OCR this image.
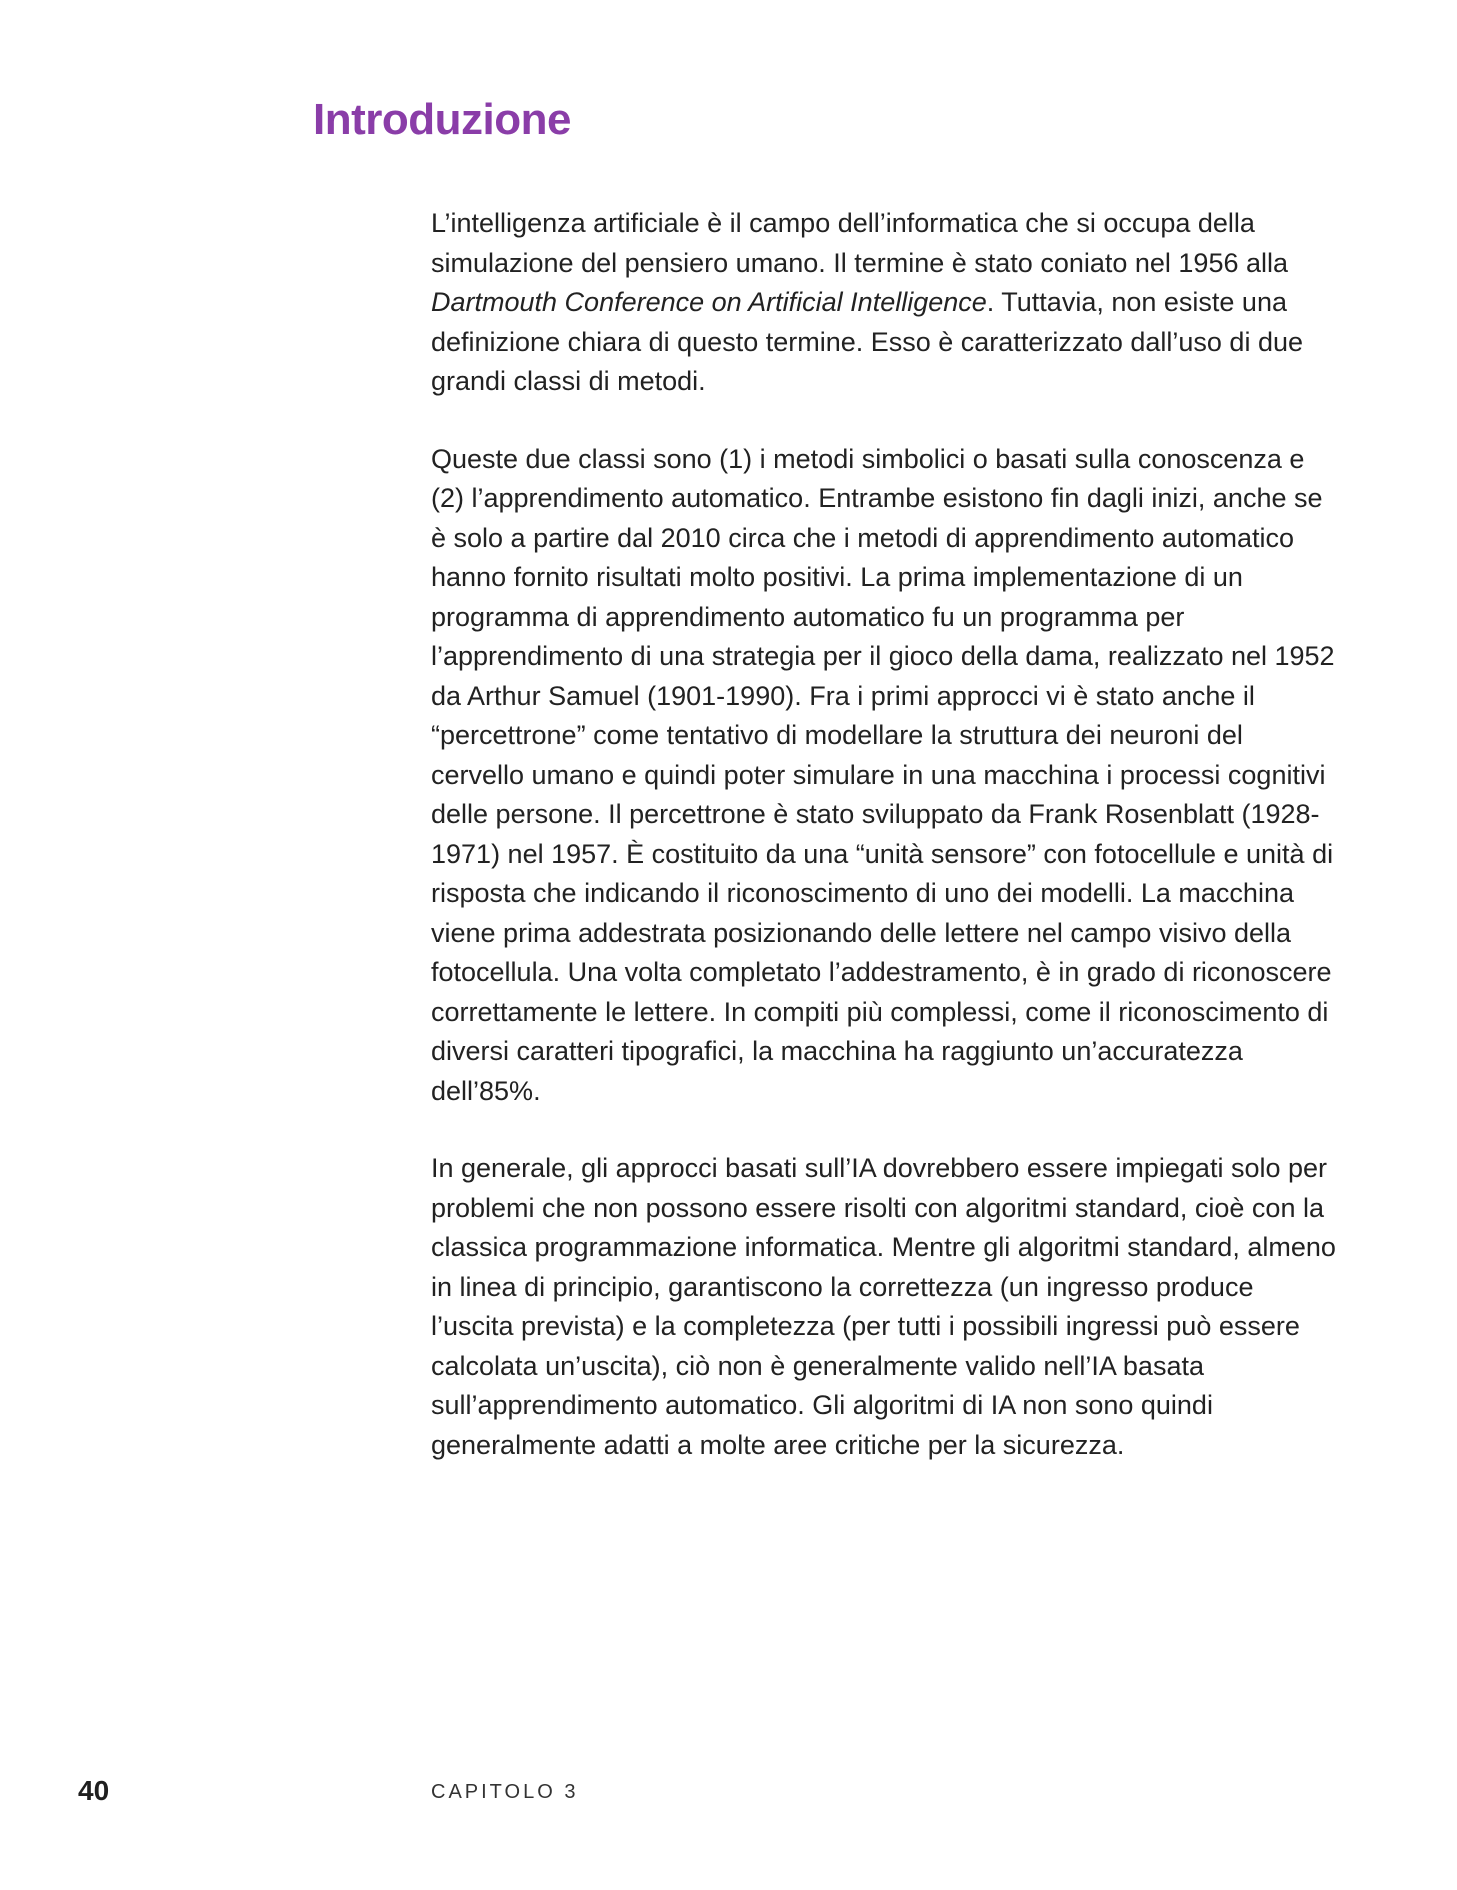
Introduzione

L’intelligenza artificiale è il campo dell’informatica che si occupa della simulazione del pensiero umano. Il termine è stato coniato nel 1956 alla Dartmouth Conference on Artificial Intelligence. Tuttavia, non esiste una definizione chiara di questo termine. Esso è caratterizzato dall’uso di due grandi classi di metodi.

Queste due classi sono (1) i metodi simbolici o basati sulla conoscenza e (2) l’apprendimento automatico. Entrambe esistono fin dagli inizi, anche se è solo a partire dal 2010 circa che i metodi di apprendimento automatico hanno fornito risultati molto positivi. La prima implementazione di un programma di apprendimento automatico fu un programma per l’apprendimento di una strategia per il gioco della dama, realizzato nel 1952 da Arthur Samuel (1901-1990). Fra i primi approcci vi è stato anche il “percettrone” come tentativo di modellare la struttura dei neuroni del cervello umano e quindi poter simulare in una macchina i processi cognitivi delle persone. Il percettrone è stato sviluppato da Frank Rosenblatt (1928-1971) nel 1957. È costituito da una “unità sensore” con fotocellule e unità di risposta che indicando il riconoscimento di uno dei modelli. La macchina viene prima addestrata posizionando delle lettere nel campo visivo della fotocellula. Una volta completato l’addestramento, è in grado di riconoscere correttamente le lettere. In compiti più complessi, come il riconoscimento di diversi caratteri tipografici, la macchina ha raggiunto un’accuratezza dell’85%.

In generale, gli approcci basati sull’IA dovrebbero essere impiegati solo per problemi che non possono essere risolti con algoritmi standard, cioè con la classica programmazione informatica. Mentre gli algoritmi standard, almeno in linea di principio, garantiscono la correttezza (un ingresso produce l’uscita prevista) e la completezza (per tutti i possibili ingressi può essere calcolata un’uscita), ciò non è generalmente valido nell’IA basata sull’apprendimento automatico. Gli algoritmi di IA non sono quindi generalmente adatti a molte aree critiche per la sicurezza.

40	CAPITOLO 3
